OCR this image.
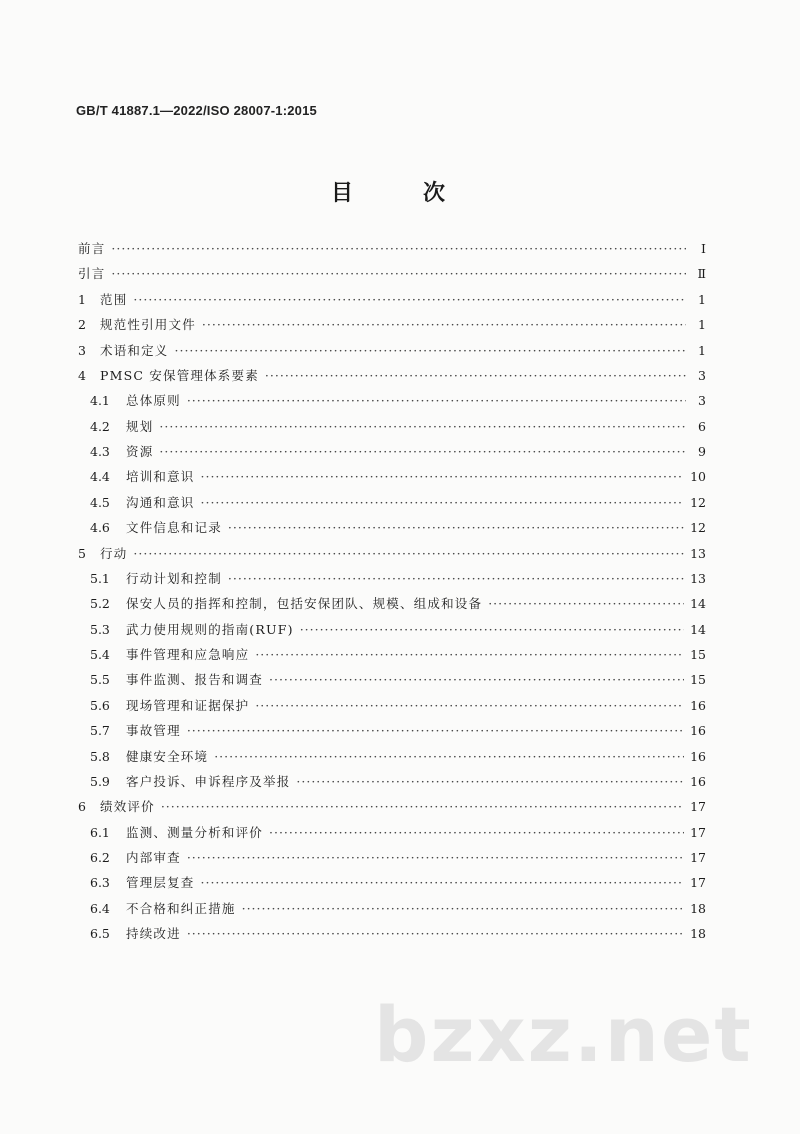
GB/T 41887.1—2022/ISO 28007-1:2015
目　次
前言 ·····	Ⅰ
引言 ·····	Ⅱ
1	范围 ·····	1
2	规范性引用文件 ·····	1
3	术语和定义 ·····	1
4	PMSC 安保管理体系要素 ·····	3
4.1	总体原则 ·····	3
4.2	规划 ·····	6
4.3	资源 ·····	9
4.4	培训和意识 ·····	10
4.5	沟通和意识 ·····	12
4.6	文件信息和记录 ·····	12
5	行动 ·····	13
5.1	行动计划和控制 ·····	13
5.2	保安人员的指挥和控制，包括安保团队、规模、组成和设备 ·····	14
5.3	武力使用规则的指南(RUF) ·····	14
5.4	事件管理和应急响应 ·····	15
5.5	事件监测、报告和调查 ·····	15
5.6	现场管理和证据保护 ·····	16
5.7	事故管理 ·····	16
5.8	健康安全环境 ·····	16
5.9	客户投诉、申诉程序及举报 ·····	16
6	绩效评价 ·····	17
6.1	监测、测量分析和评价 ·····	17
6.2	内部审查 ·····	17
6.3	管理层复查 ·····	17
6.4	不合格和纠正措施 ·····	18
6.5	持续改进 ·····	18
bzxz.net
